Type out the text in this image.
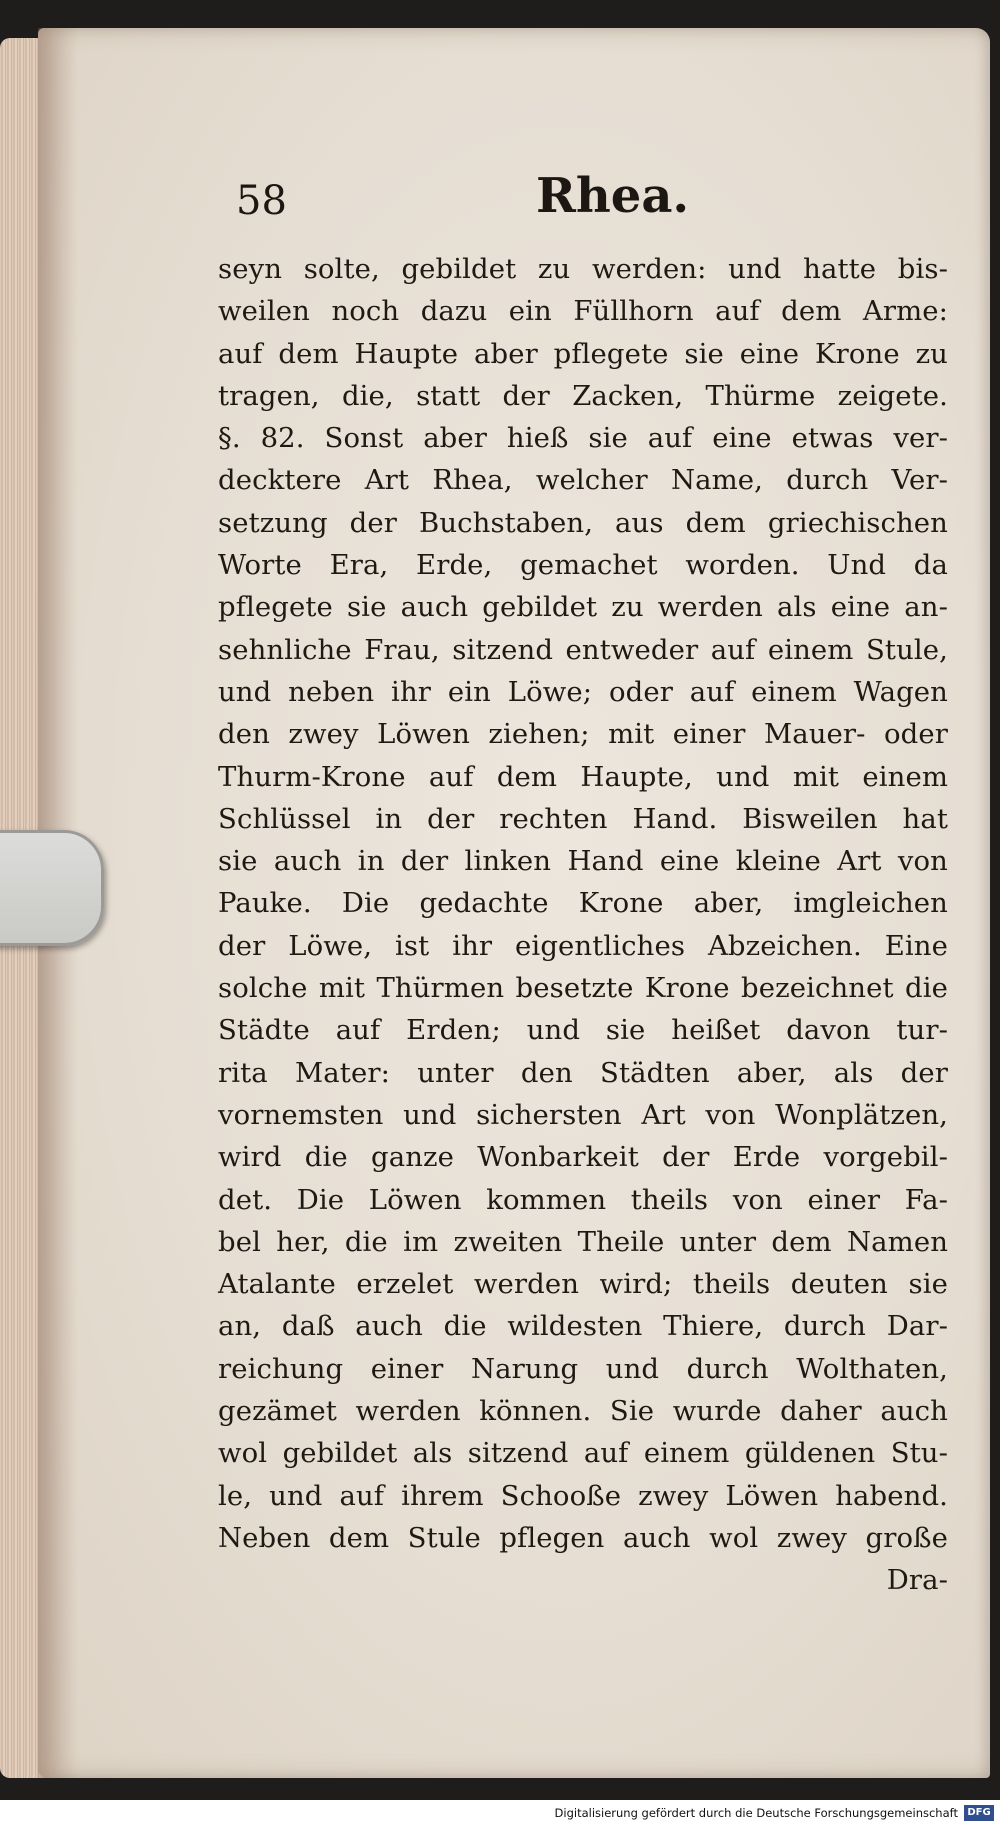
58	Rhea.
seyn solte, gebildet zu werden: und hatte bis-
weilen noch dazu ein Füllhorn auf dem Arme:
auf dem Haupte aber pflegete sie eine Krone zu
tragen, die, statt der Zacken, Thürme zeigete.
§. 82. Sonst aber hieß sie auf eine etwas ver-
decktere Art Rhea, welcher Name, durch Ver-
setzung der Buchstaben, aus dem griechischen
Worte Era, Erde, gemachet worden. Und da
pflegete sie auch gebildet zu werden als eine an-
sehnliche Frau, sitzend entweder auf einem Stule,
und neben ihr ein Löwe; oder auf einem Wagen
den zwey Löwen ziehen; mit einer Mauer- oder
Thurm-Krone auf dem Haupte, und mit einem
Schlüssel in der rechten Hand. Bisweilen hat
sie auch in der linken Hand eine kleine Art von
Pauke. Die gedachte Krone aber, imgleichen
der Löwe, ist ihr eigentliches Abzeichen. Eine
solche mit Thürmen besetzte Krone bezeichnet die
Städte auf Erden; und sie heißet davon tur-
rita Mater: unter den Städten aber, als der
vornemsten und sichersten Art von Wonplätzen,
wird die ganze Wonbarkeit der Erde vorgebil-
det. Die Löwen kommen theils von einer Fa-
bel her, die im zweiten Theile unter dem Namen
Atalante erzelet werden wird; theils deuten sie
an, daß auch die wildesten Thiere, durch Dar-
reichung einer Narung und durch Wolthaten,
gezämet werden können. Sie wurde daher auch
wol gebildet als sitzend auf einem güldenen Stu-
le, und auf ihrem Schooße zwey Löwen habend.
Neben dem Stule pflegen auch wol zwey große
Dra-
Digitalisierung gefördert durch die Deutsche Forschungsgemeinschaft DFG
